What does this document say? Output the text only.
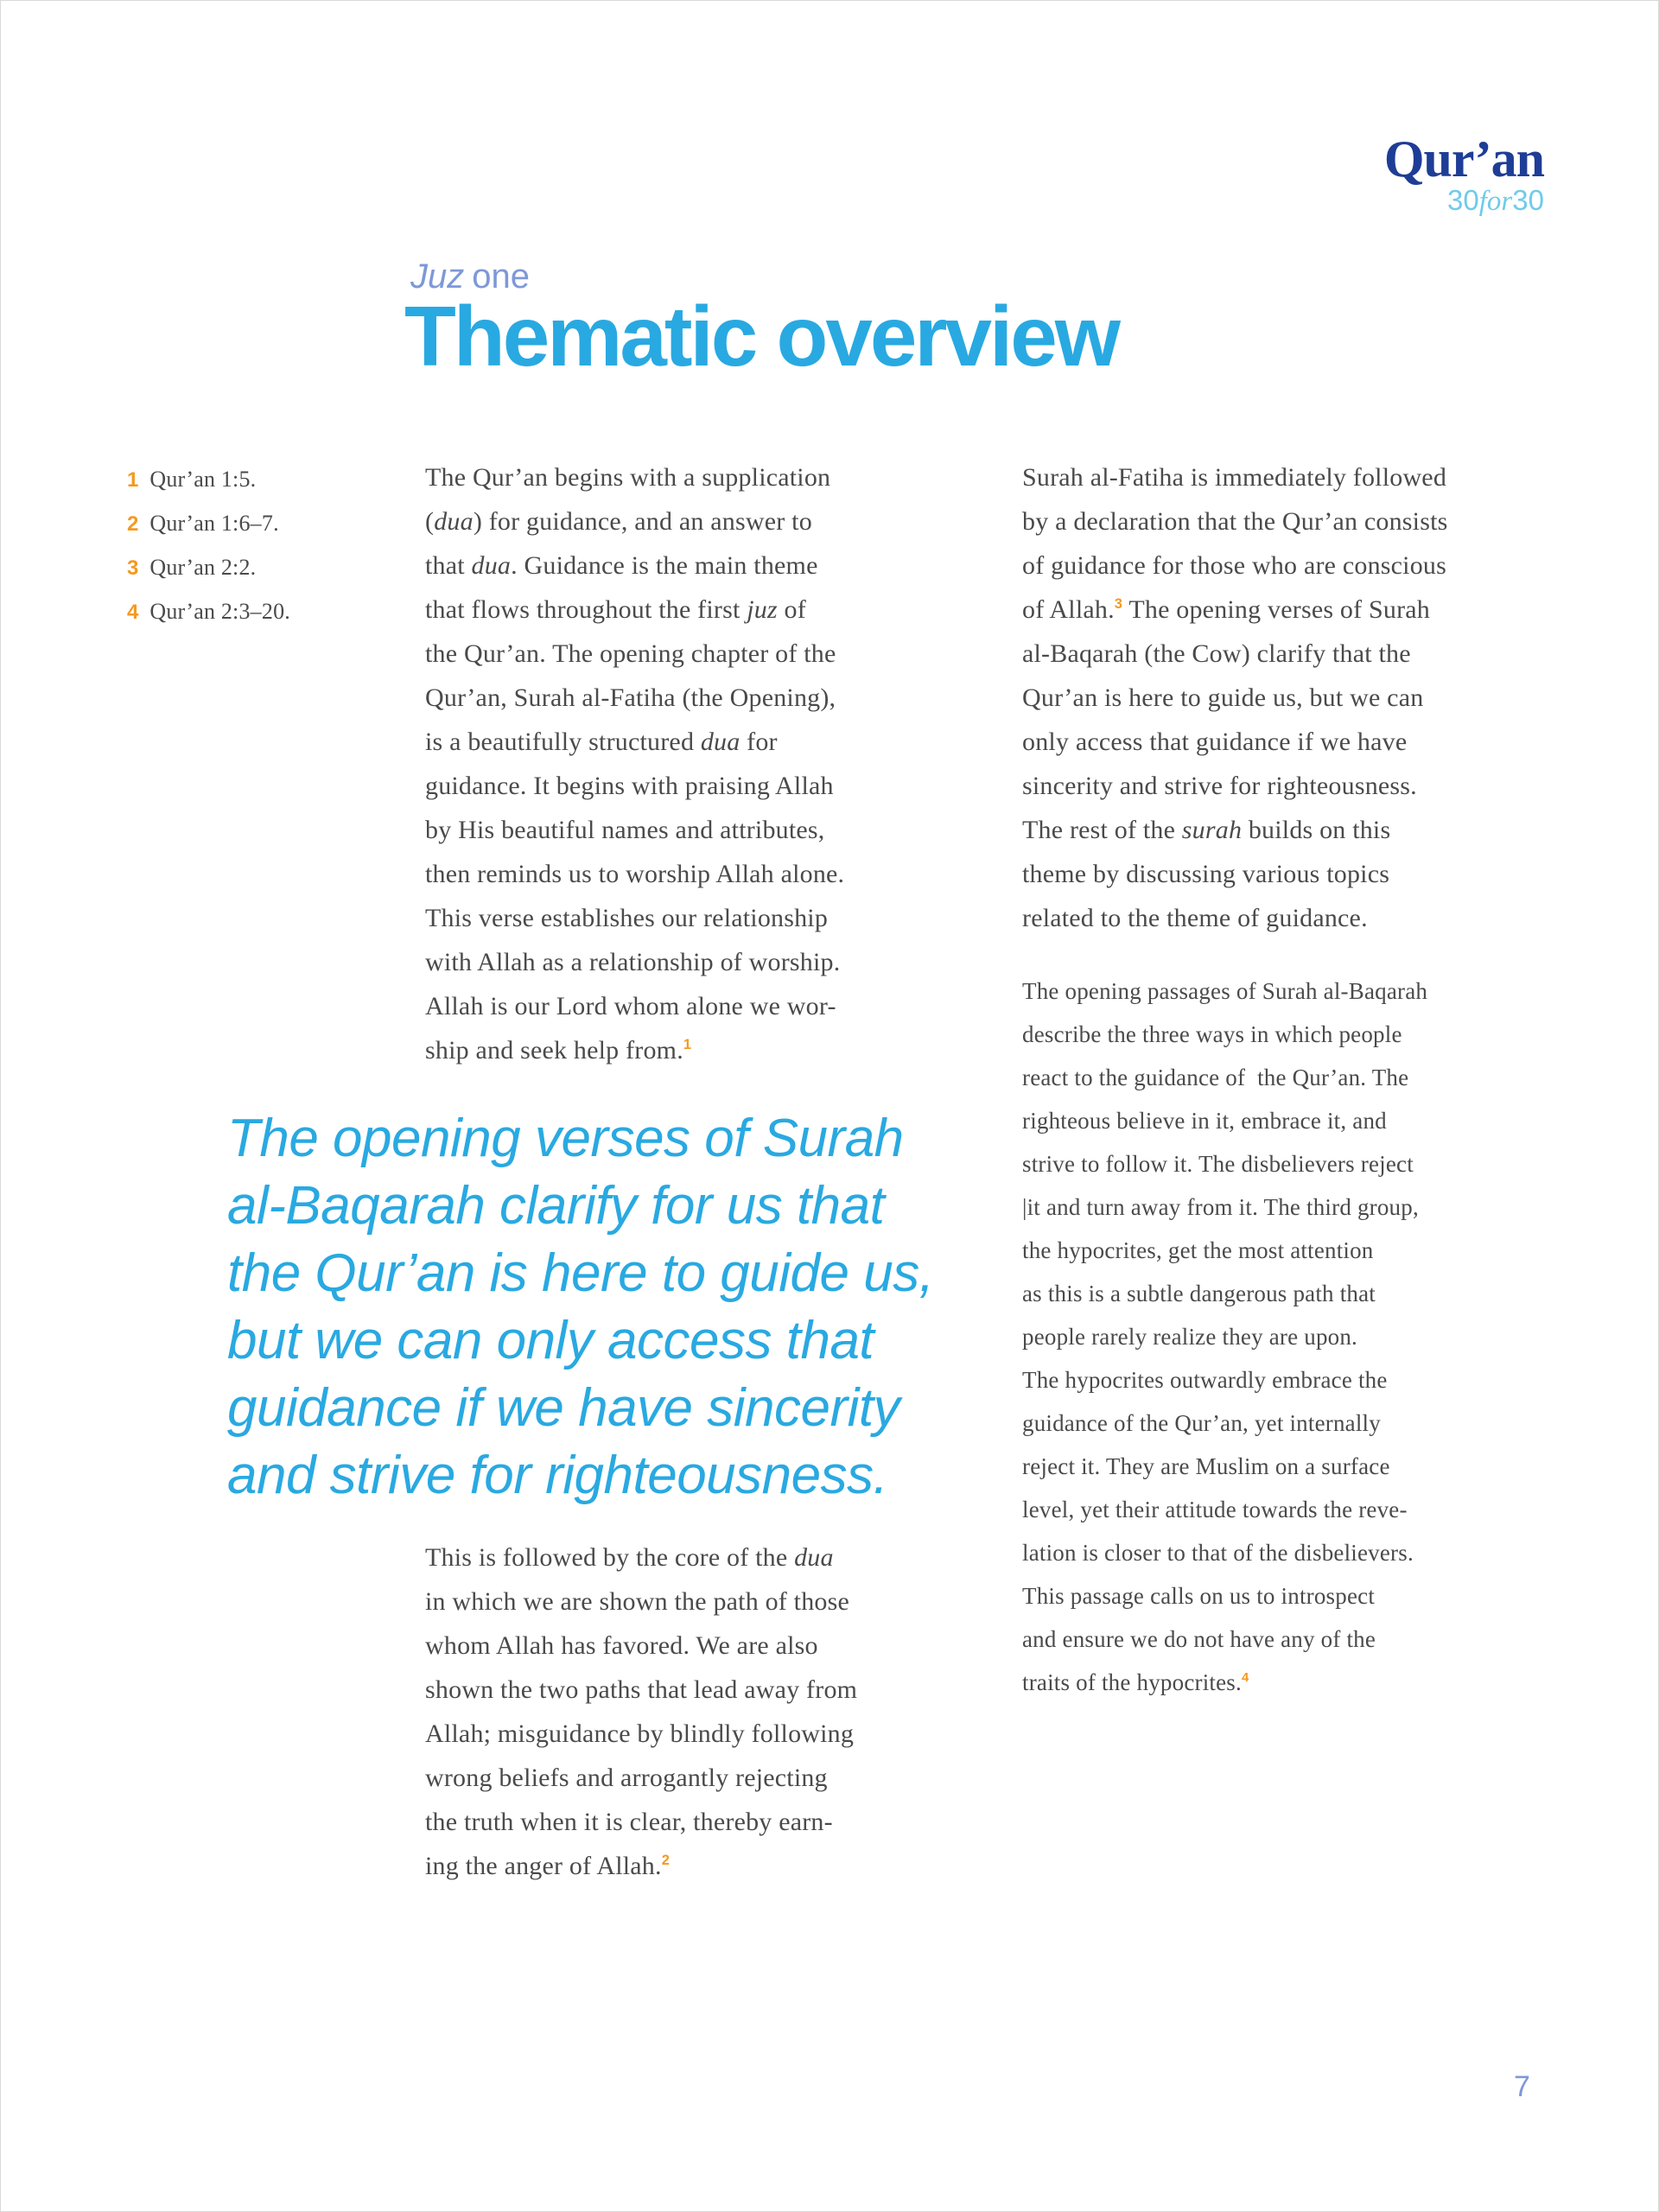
Qur’an
30for30
Juz one
Thematic overview
1 Qur’an 1:5.
2 Qur’an 1:6–7.
3 Qur’an 2:2.
4 Qur’an 2:3–20.
The Qur’an begins with a supplication
(dua) for guidance, and an answer to
that dua. Guidance is the main theme
that flows throughout the first juz of
the Qur’an. The opening chapter of the
Qur’an, Surah al-Fatiha (the Opening),
is a beautifully structured dua for
guidance. It begins with praising Allah
by His beautiful names and attributes,
then reminds us to worship Allah alone.
This verse establishes our relationship
with Allah as a relationship of worship.
Allah is our Lord whom alone we wor-
ship and seek help from.$^1$
The opening verses of Surah
al-Baqarah clarify for us that
the Qur’an is here to guide us,
but we can only access that
guidance if we have sincerity
and strive for righteousness.
This is followed by the core of the dua
in which we are shown the path of those
whom Allah has favored. We are also
shown the two paths that lead away from
Allah; misguidance by blindly following
wrong beliefs and arrogantly rejecting
the truth when it is clear, thereby earn-
ing the anger of Allah.$^2$
Surah al-Fatiha is immediately followed
by a declaration that the Qur’an consists
of guidance for those who are conscious
of Allah.$^3$ The opening verses of Surah
al-Baqarah (the Cow) clarify that the
Qur’an is here to guide us, but we can
only access that guidance if we have
sincerity and strive for righteousness.
The rest of the surah builds on this
theme by discussing various topics
related to the theme of guidance.
The opening passages of Surah al-Baqarah
describe the three ways in which people
react to the guidance of  the Qur’an. The
righteous believe in it, embrace it, and
strive to follow it. The disbelievers reject
|it and turn away from it. The third group,
the hypocrites, get the most attention
as this is a subtle dangerous path that
people rarely realize they are upon.
The hypocrites outwardly embrace the
guidance of the Qur’an, yet internally
reject it. They are Muslim on a surface
level, yet their attitude towards the reve-
lation is closer to that of the disbelievers.
This passage calls on us to introspect
and ensure we do not have any of the
traits of the hypocrites.$^4$
7
